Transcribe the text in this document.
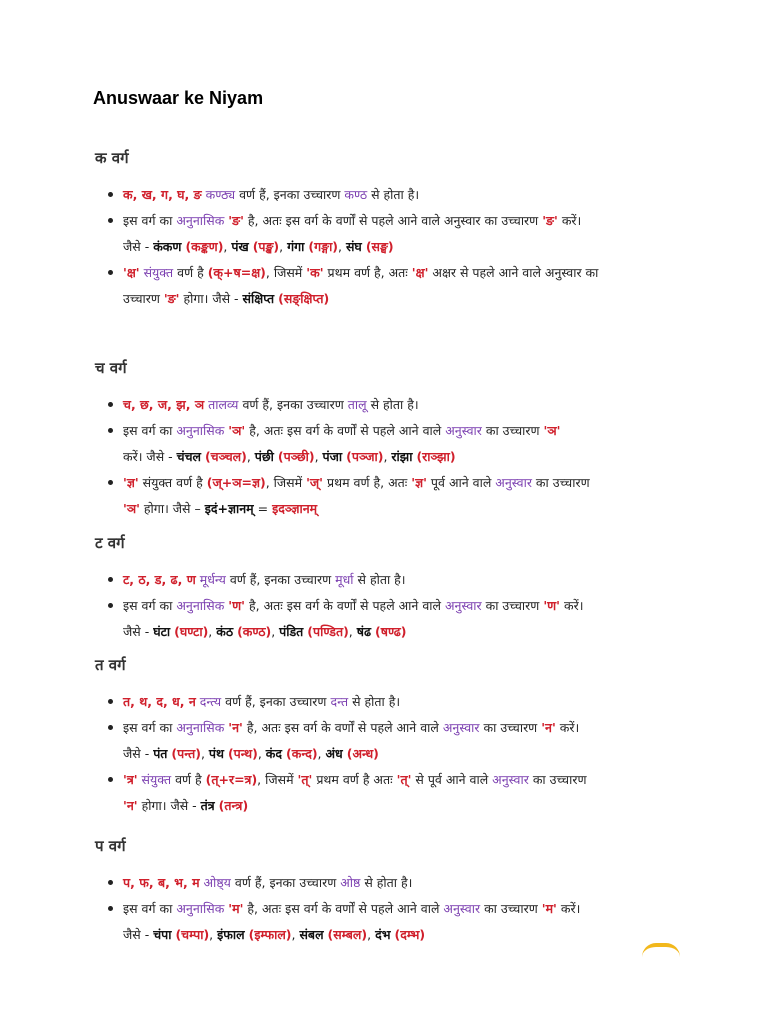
Anuswaar ke Niyam
क वर्ग
क, ख, ग, घ, ङ कण्ठ्य वर्ण हैं, इनका उच्चारण कण्ठ से होता है।
इस वर्ग का अनुनासिक 'ङ' है, अतः इस वर्ग के वर्णों से पहले आने वाले अनुस्वार का उच्चारण 'ङ' करें।
जैसे - कंकण (कङ्कण), पंख (पङ्ख), गंगा (गङ्गा), संघ (सङ्घ)
'क्ष' संयुक्त वर्ण है (क्+ष=क्ष), जिसमें 'क' प्रथम वर्ण है, अतः 'क्ष' अक्षर से पहले आने वाले अनुस्वार का
उच्चारण 'ङ' होगा। जैसे - संक्षिप्त (सङ्क्षिप्त)
च वर्ग
च, छ, ज, झ, ञ तालव्य वर्ण हैं, इनका उच्चारण तालू से होता है।
इस वर्ग का अनुनासिक 'ञ' है, अतः इस वर्ग के वर्णों से पहले आने वाले अनुस्वार का उच्चारण 'ञ'
करें। जैसे - चंचल (चञ्चल), पंछी (पञ्छी), पंजा (पञ्जा), रांझा (राञ्झा)
'ज्ञ' संयुक्त वर्ण है (ज्+ञ=ज्ञ), जिसमें 'ज्' प्रथम वर्ण है, अतः 'ज्ञ' पूर्व आने वाले अनुस्वार का उच्चारण
'ञ' होगा। जैसे – इदं+ज्ञानम् = इदञ्ज्ञानम्
ट वर्ग
ट, ठ, ड, ढ, ण मूर्धन्य वर्ण हैं, इनका उच्चारण मूर्धा से होता है।
इस वर्ग का अनुनासिक 'ण' है, अतः इस वर्ग के वर्णों से पहले आने वाले अनुस्वार का उच्चारण 'ण' करें।
जैसे - घंटा (घण्टा), कंठ (कण्ठ), पंडित (पण्डित), षंढ (षण्ढ)
त वर्ग
त, थ, द, ध, न दन्त्य वर्ण हैं, इनका उच्चारण दन्त से होता है।
इस वर्ग का अनुनासिक 'न' है, अतः इस वर्ग के वर्णों से पहले आने वाले अनुस्वार का उच्चारण 'न' करें।
जैसे - पंत (पन्त), पंथ (पन्थ), कंद (कन्द), अंध (अन्ध)
'त्र' संयुक्त वर्ण है (त्+र=त्र), जिसमें 'त्' प्रथम वर्ण है अतः 'त्' से पूर्व आने वाले अनुस्वार का उच्चारण
'न' होगा। जैसे - तंत्र (तन्त्र)
प वर्ग
प, फ, ब, भ, म ओष्ठ्य वर्ण हैं, इनका उच्चारण ओष्ठ से होता है।
इस वर्ग का अनुनासिक 'म' है, अतः इस वर्ग के वर्णों से पहले आने वाले अनुस्वार का उच्चारण 'म' करें।
जैसे - चंपा (चम्पा), इंफाल (इम्फाल), संबल (सम्बल), दंभ (दम्भ)
